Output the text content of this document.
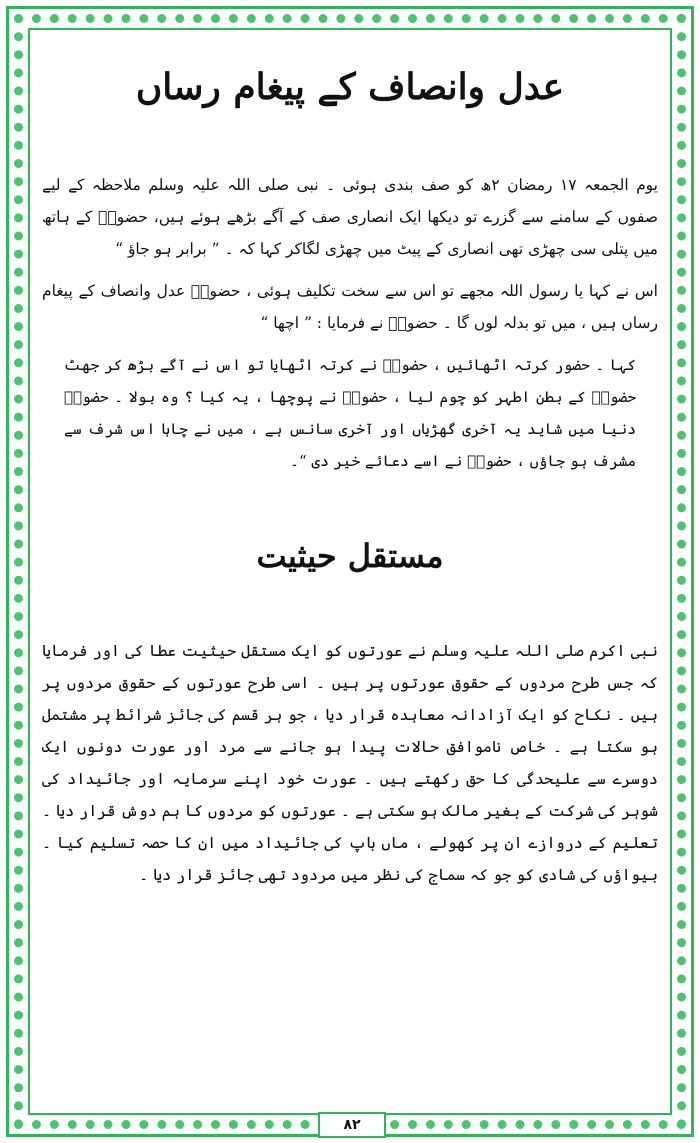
عدل وانصاف کے پیغام رساں

یوم الجمعہ ۱۷ رمضان ۲ھ کو صف بندی ہوئی ۔ نبی صلی اللہ علیہ وسلم ملاحظہ کے لیے صفوں کے سامنے سے گزرے تو دیکھا ایک انصاری صف کے آگے بڑھے ہوئے ہیں، حضورؐ کے ہاتھ میں پتلی سی چھڑی تھی انصاری کے پیٹ میں چھڑی لگاکر کہا کہ ۔ ” برابر ہو جاؤ “

اس نے کہا یا رسول اللہ مجھے تو اس سے سخت تکلیف ہوئی ، حضورؐ عدل وانصاف کے پیغام رساں ہیں ، میں تو بدلہ لوں گا ۔ حضورؐ نے فرمایا : ” اچھا “

کہا ۔ حضور کرتہ اٹھائیں ، حضورؐ نے کرتہ اٹھایا تو اس نے آگے بڑھ کر جھٹ حضورؐ کے بطن اطہر کو چوم لیا ، حضورؐ نے پوچھا ، یہ کیا ؟ وہ بولا ۔ حضورؐ دنیا میں شاید یہ آخری گھڑیاں اور آخری سانس ہے ، میں نے چاہا اس شرف سے مشرف ہو جاؤں ، حضورؐ نے اسے دعائے خیر دی “۔

مستقل حیثیت

نبی اکرم صلی اللہ علیہ وسلم نے عورتوں کو ایک مستقل حیثیت عطا کی اور فرمایا کہ جس طرح مردوں کے حقوق عورتوں پر ہیں ۔ اسی طرح عورتوں کے حقوق مردوں پر ہیں ۔ نکاح کو ایک آزادانہ معاہدہ قرار دیا ، جو ہر قسم کی جائز شرائط پر مشتمل ہو سکتا ہے ۔ خاص ناموافق حالات پیدا ہو جانے سے مرد اور عورت دونوں ایک دوسرے سے علیحدگی کا حق رکھتے ہیں ۔ عورت خود اپنے سرمایہ اور جائیداد کی شوہر کی شرکت کے بغیر مالک ہو سکتی ہے ۔ عورتوں کو مردوں کا ہم دوش قرار دیا ۔ تعلیم کے دروازے ان پر کھولے ، ماں باپ کی جائیداد میں ان کا حصہ تسلیم کیا ۔ بیواؤں کی شادی کو جو کہ سماج کی نظر میں مردود تھی جائز قرار دیا ۔

۸۲
